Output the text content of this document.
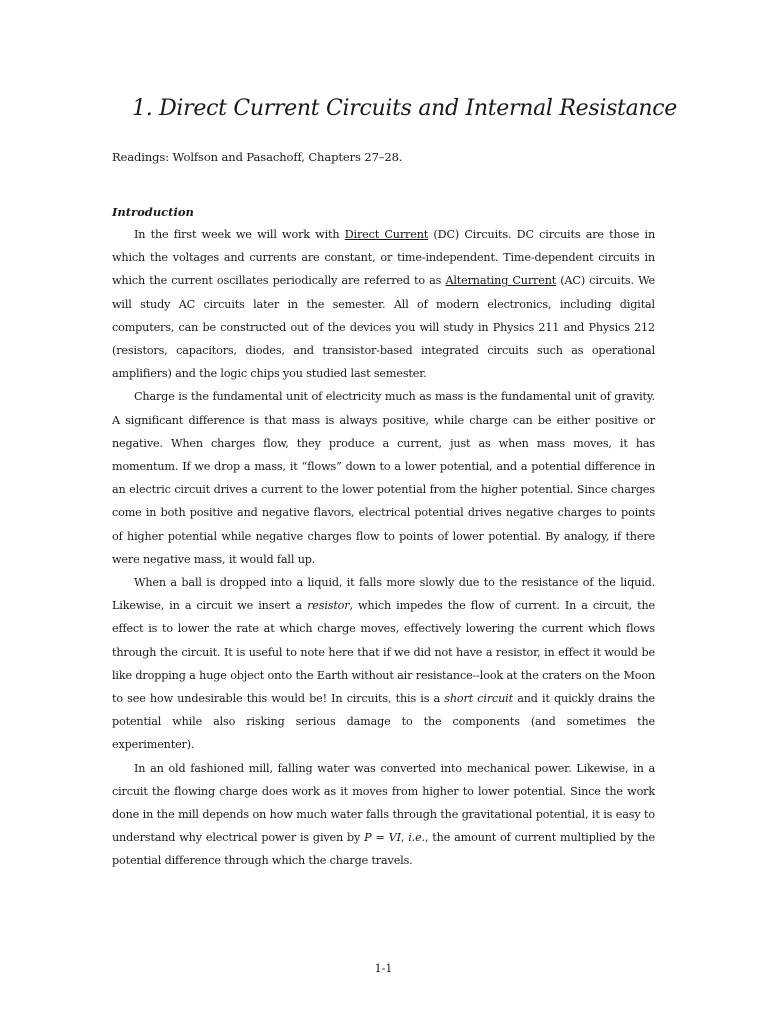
1. Direct Current Circuits and Internal Resistance

Readings: Wolfson and Pasachoff, Chapters 27–28.

Introduction

In the first week we will work with Direct Current (DC) Circuits. DC circuits are those in which the voltages and currents are constant, or time-independent. Time-dependent circuits in which the current oscillates periodically are referred to as Alternating Current (AC) circuits. We will study AC circuits later in the semester. All of modern electronics, including digital computers, can be constructed out of the devices you will study in Physics 211 and Physics 212 (resistors, capacitors, diodes, and transistor-based integrated circuits such as operational amplifiers) and the logic chips you studied last semester.

Charge is the fundamental unit of electricity much as mass is the fundamental unit of gravity. A significant difference is that mass is always positive, while charge can be either positive or negative. When charges flow, they produce a current, just as when mass moves, it has momentum. If we drop a mass, it “flows” down to a lower potential, and a potential difference in an electric circuit drives a current to the lower potential from the higher potential. Since charges come in both positive and negative flavors, electrical potential drives negative charges to points of higher potential while negative charges flow to points of lower potential. By analogy, if there were negative mass, it would fall up.

When a ball is dropped into a liquid, it falls more slowly due to the resistance of the liquid. Likewise, in a circuit we insert a resistor, which impedes the flow of current. In a circuit, the effect is to lower the rate at which charge moves, effectively lowering the current which flows through the circuit. It is useful to note here that if we did not have a resistor, in effect it would be like dropping a huge object onto the Earth without air resistance--look at the craters on the Moon to see how undesirable this would be! In circuits, this is a short circuit and it quickly drains the potential while also risking serious damage to the components (and sometimes the experimenter).

In an old fashioned mill, falling water was converted into mechanical power. Likewise, in a circuit the flowing charge does work as it moves from higher to lower potential. Since the work done in the mill depends on how much water falls through the gravitational potential, it is easy to understand why electrical power is given by P = VI, i.e., the amount of current multiplied by the potential difference through which the charge travels.

1-1
